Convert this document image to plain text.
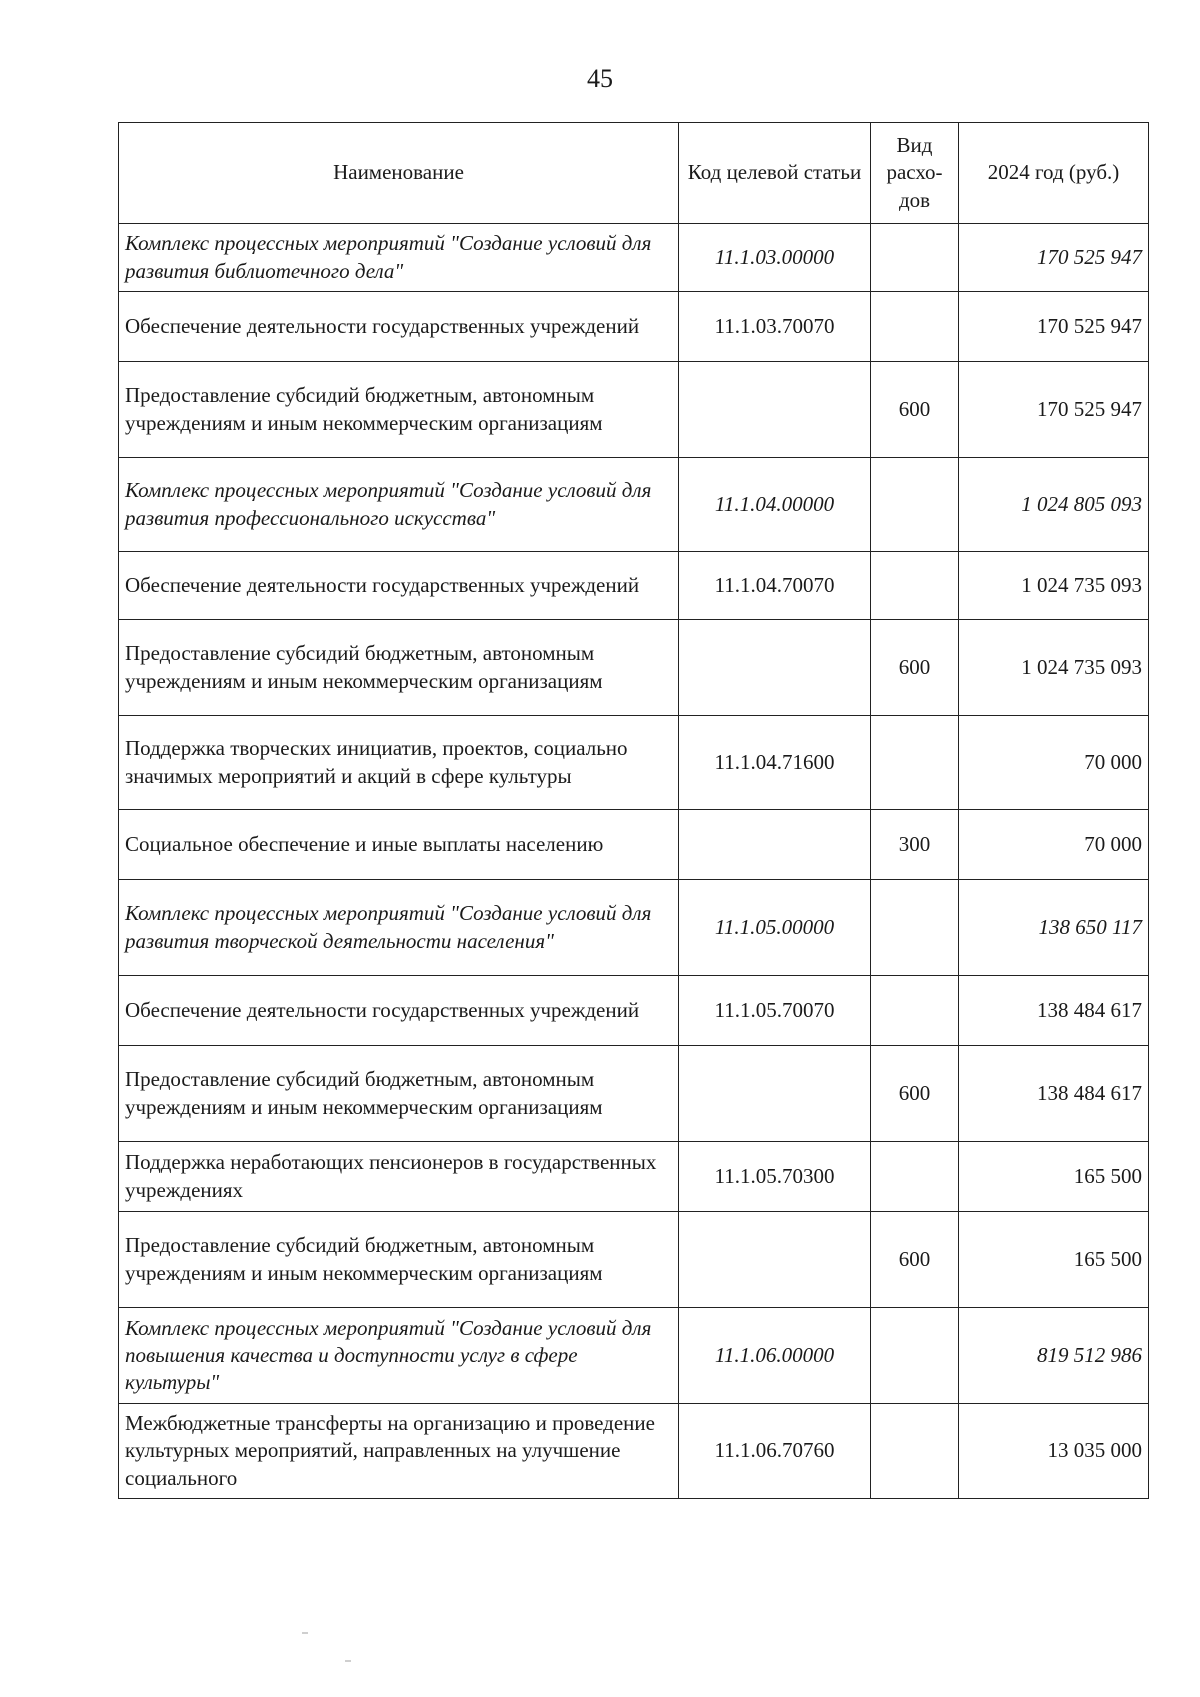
45
Наименование	Код целевой статьи	Вид расхо-дов	2024 год (руб.)
Комплекс процессных мероприятий "Создание условий для развития библиотечного дела"	11.1.03.00000		170 525 947
Обеспечение деятельности государственных учреждений	11.1.03.70070		170 525 947
Предоставление субсидий бюджетным, автономным учреждениям и иным некоммерческим организациям		600	170 525 947
Комплекс процессных мероприятий "Создание условий для развития профессионального искусства"	11.1.04.00000		1 024 805 093
Обеспечение деятельности государственных учреждений	11.1.04.70070		1 024 735 093
Предоставление субсидий бюджетным, автономным учреждениям и иным некоммерческим организациям		600	1 024 735 093
Поддержка творческих инициатив, проектов, социально значимых мероприятий и акций в сфере культуры	11.1.04.71600		70 000
Социальное обеспечение и иные выплаты населению		300	70 000
Комплекс процессных мероприятий "Создание условий для развития творческой деятельности населения"	11.1.05.00000		138 650 117
Обеспечение деятельности государственных учреждений	11.1.05.70070		138 484 617
Предоставление субсидий бюджетным, автономным учреждениям и иным некоммерческим организациям		600	138 484 617
Поддержка неработающих пенсионеров в государственных учреждениях	11.1.05.70300		165 500
Предоставление субсидий бюджетным, автономным учреждениям и иным некоммерческим организациям		600	165 500
Комплекс процессных мероприятий "Создание условий для повышения качества и доступности услуг в сфере культуры"	11.1.06.00000		819 512 986
Межбюджетные трансферты на организацию и проведение культурных мероприятий, направленных на улучшение социального	11.1.06.70760		13 035 000
